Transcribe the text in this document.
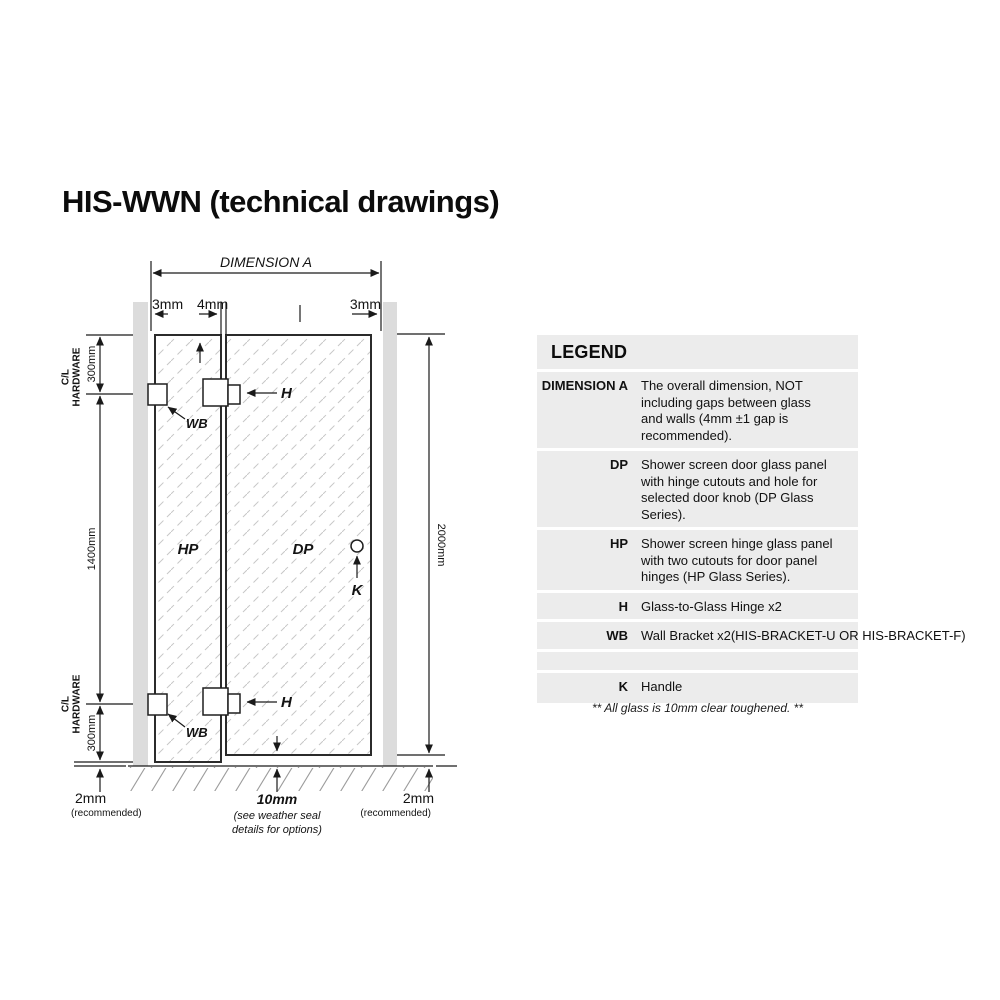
HIS-WWN (technical drawings)
DIMENSION A
3mm 4mm	3mm
300mm
C/L HARDWARE
1400mm
C/L HARDWARE 300mm
2mm
(recommended)
2000mm
2mm
(recommended)
10mm
(see weather seal
details for options)
WB
WB
H
H
HP	DP
K
LEGEND
DIMENSION A	The overall dimension, NOT including gaps between glass and walls (4mm ±1 gap is recommended).
DP	Shower screen door glass panel with hinge cutouts and hole for selected door knob (DP Glass Series).
HP	Shower screen hinge glass panel with two cutouts for door panel hinges (HP Glass Series).
H	Glass-to-Glass Hinge x2
WB	Wall Bracket x2(HIS-BRACKET-U OR HIS-BRACKET-F)
K	Handle

** All glass is 10mm clear toughened. **
